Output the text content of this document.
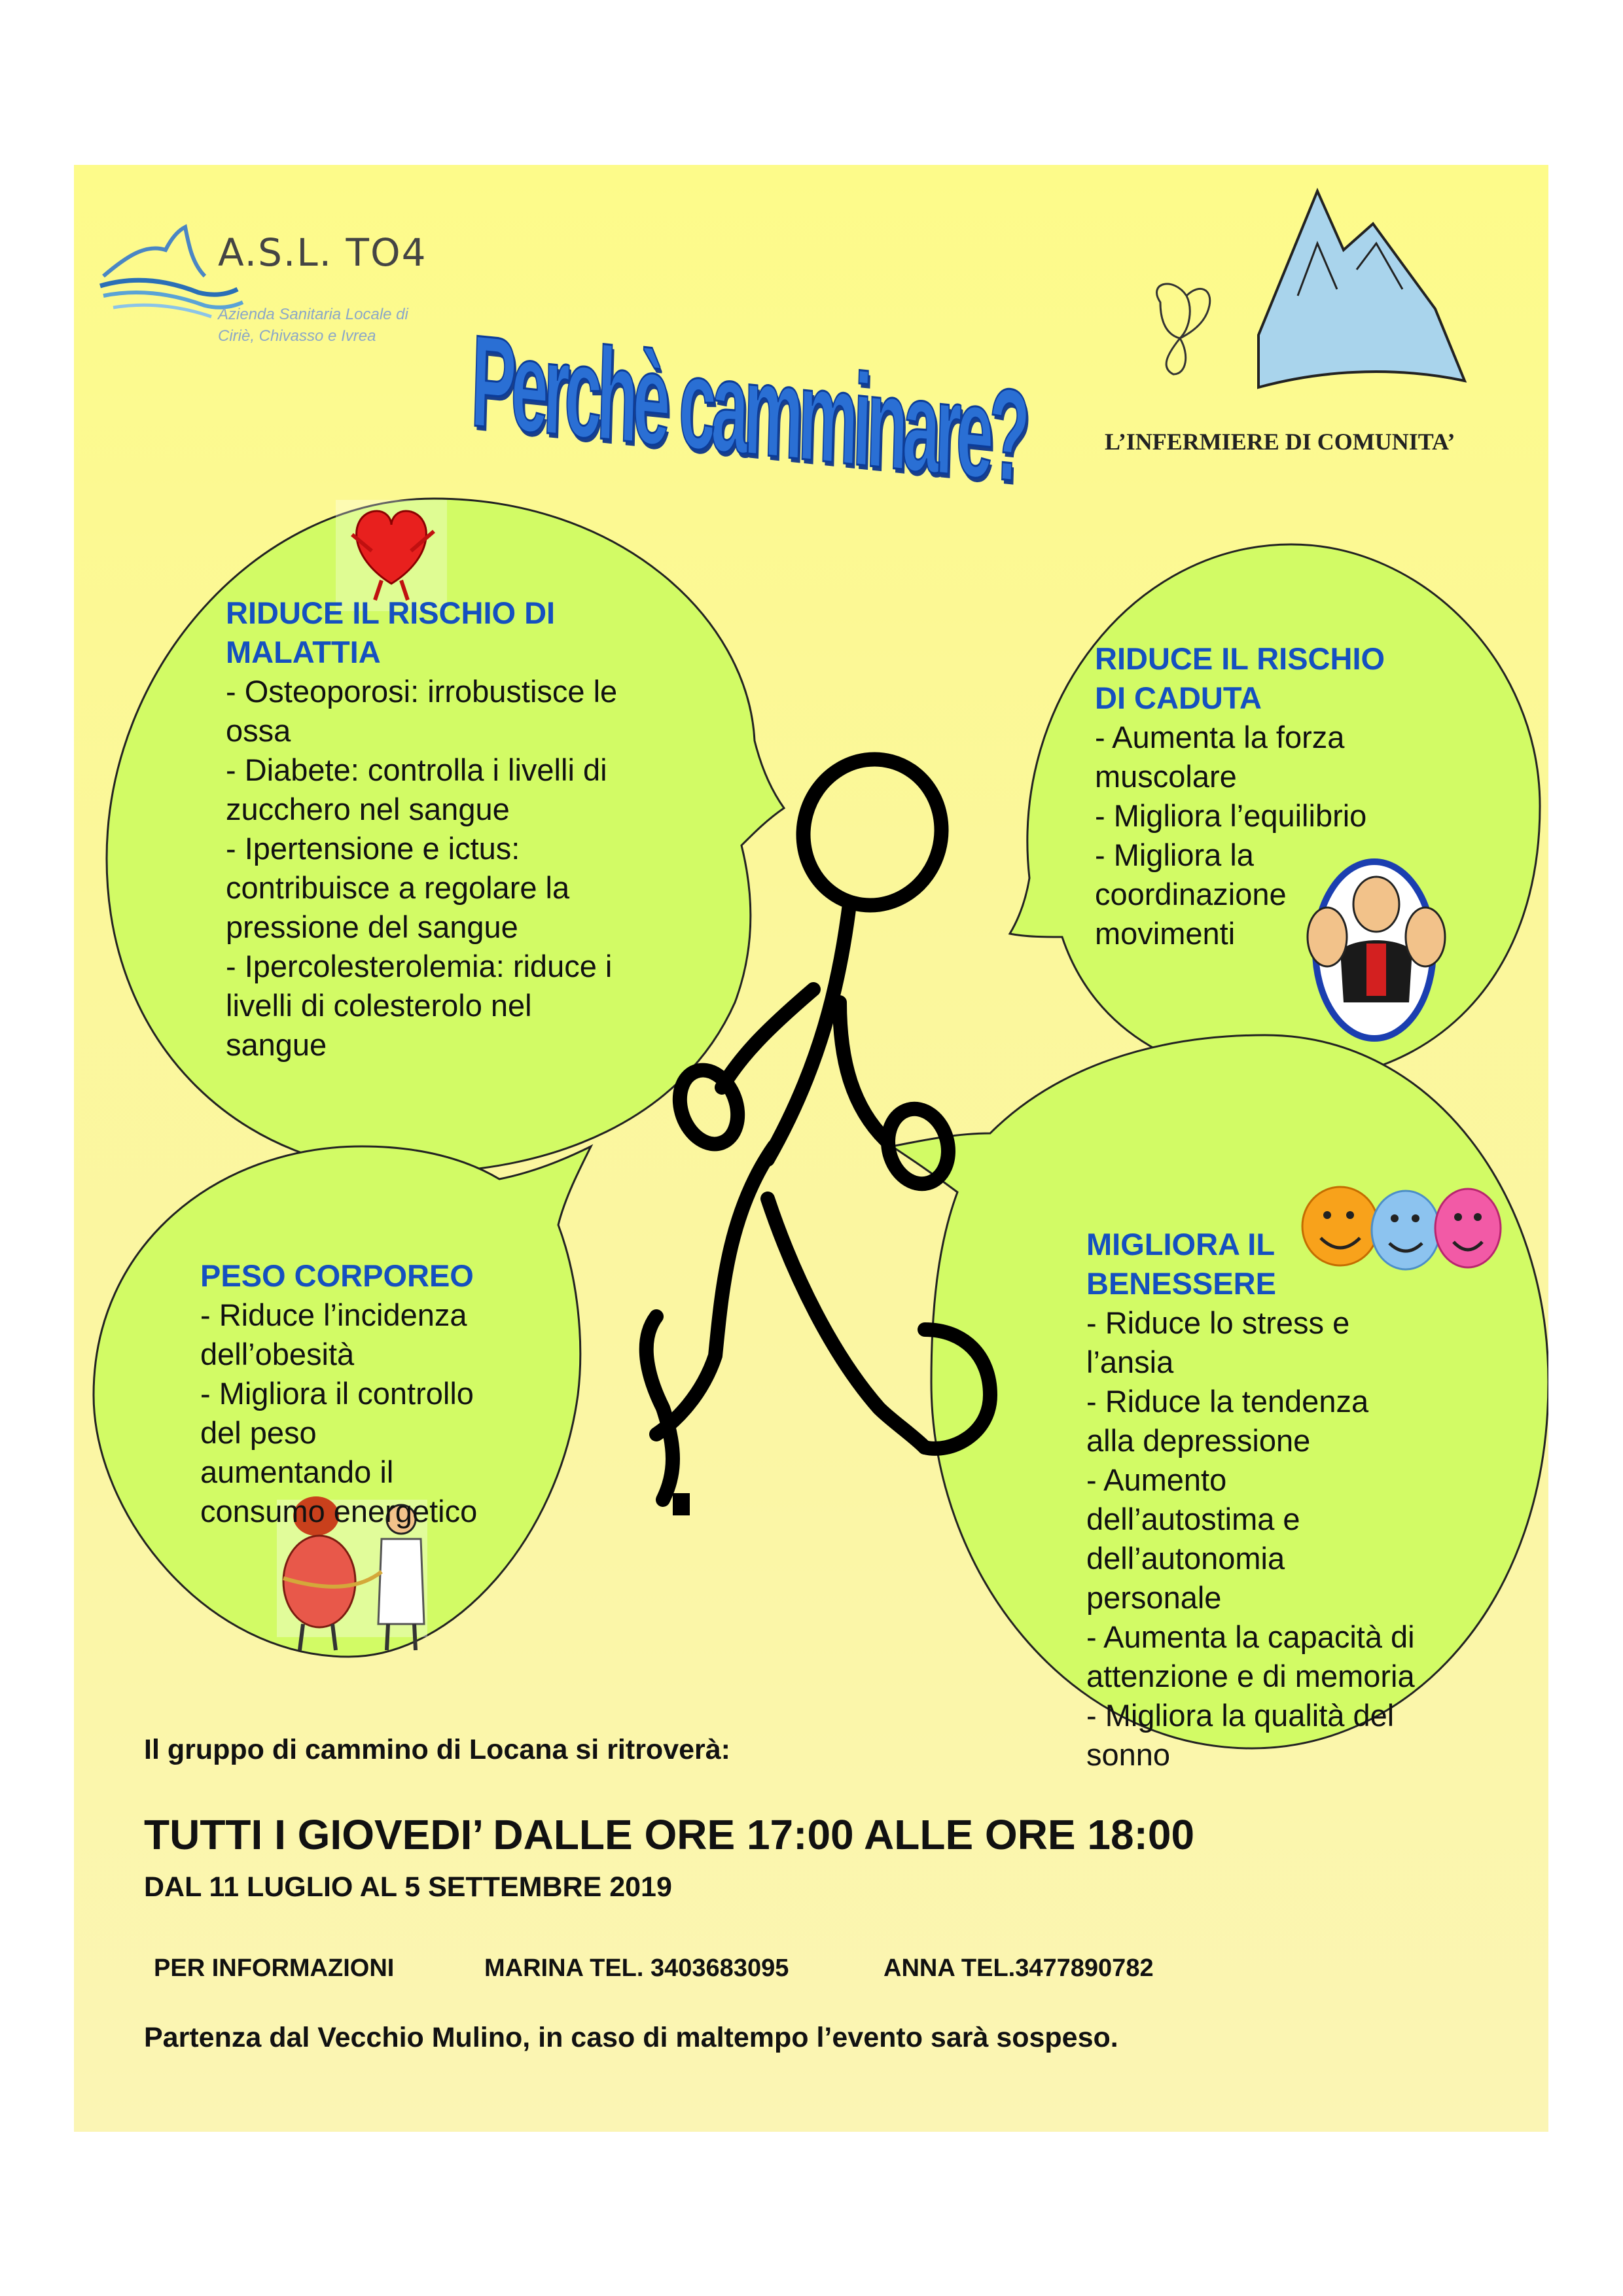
A.S.L. TO4
Azienda Sanitaria Locale di Ciriè, Chivasso e Ivrea
L’INFERMIERE DI COMUNITA’
Perchè camminare?
RIDUCE IL RISCHIO DI
MALATTIA
- Osteoporosi: irrobustisce le
ossa
- Diabete: controlla i livelli di
zucchero nel sangue
- Ipertensione e ictus:
contribuisce a regolare la
pressione del sangue
- Ipercolesterolemia: riduce i
livelli di colesterolo nel
sangue
RIDUCE IL RISCHIO
DI CADUTA
- Aumenta la forza
muscolare
- Migliora l’equilibrio
- Migliora la
coordinazione
movimenti
PESO CORPOREO
- Riduce l’incidenza
dell’obesità
- Migliora il controllo
del peso
aumentando il
consumo energetico
MIGLIORA IL
BENESSERE
- Riduce lo stress e
l’ansia
- Riduce la tendenza
alla depressione
- Aumento
dell’autostima e
dell’autonomia
personale
- Aumenta la capacità di
attenzione e di memoria
- Migliora la qualità del
sonno
Il gruppo di cammino di Locana si ritroverà:
TUTTI I GIOVEDI’ DALLE ORE 17:00 ALLE ORE 18:00
DAL 11 LUGLIO AL 5 SETTEMBRE 2019
PER INFORMAZIONI	MARINA TEL. 3403683095	ANNA TEL.3477890782
Partenza dal Vecchio Mulino, in caso di maltempo l’evento sarà sospeso.
